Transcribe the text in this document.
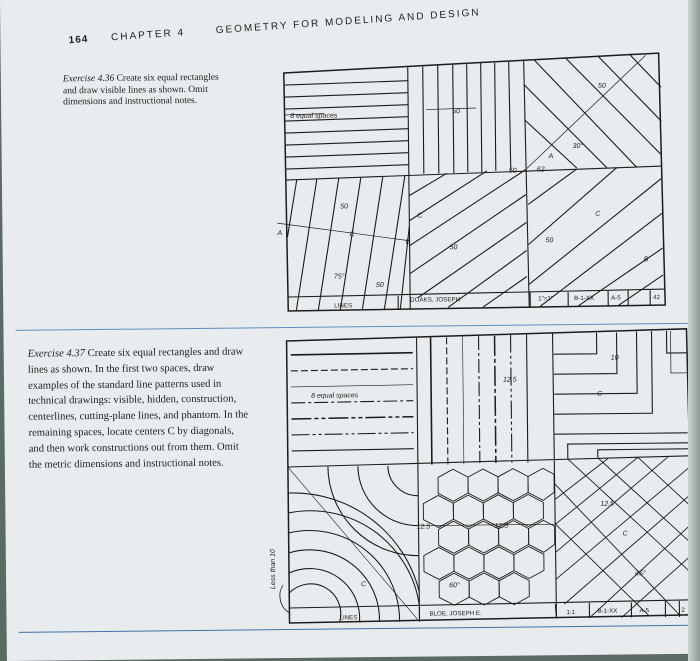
164 CHAPTER 4	GEOMETRY FOR MODELING AND DESIGN
Exercise 4.36 Create six equal rectangles and draw visible lines as shown. Omit dimensions and instructional notes.
8 equal spaces
50
50
30°
50	62
50
75°
50
50
50
A
A
C
C	C
B
B
LINES
DOAKS, JOSEPH	1"=1"	B-1-XX	A-5	42
Exercise 4.37 Create six equal rectangles and draw lines as shown. In the first two spaces, draw examples of the standard line patterns used in technical drawings: visible, hidden, construction, centerlines, cutting-plane lines, and phantom. In the remaining spaces, locate centers C by diagonals, and then work constructions out from them. Omit the metric dimensions and instructional notes.
8 equal spaces
12.5
10
C
12.5	12.5
60°
45°
12.5
C
C
Less than 10
LINES
BLOE, JOSEPH E.	1:1	B-1-XX	A-5	2
